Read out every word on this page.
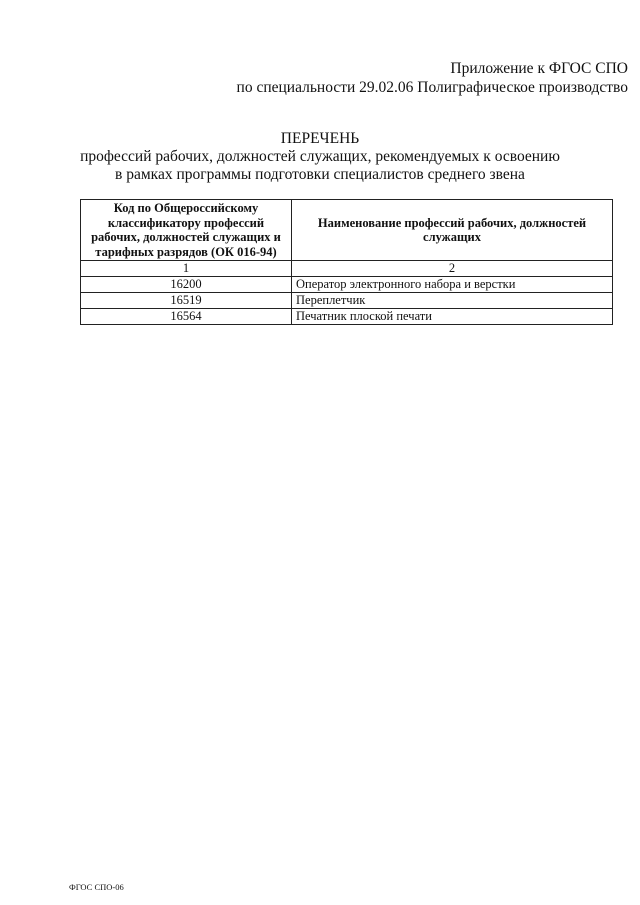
Приложение к ФГОС СПО
по специальности 29.02.06 Полиграфическое производство
ПЕРЕЧЕНЬ
профессий рабочих, должностей служащих, рекомендуемых к освоению
в рамках программы подготовки специалистов среднего звена
Код по Общероссийскому классификатору профессий рабочих, должностей служащих и тарифных разрядов (ОК 016-94)	Наименование профессий рабочих, должностей служащих
1	2
16200	Оператор электронного набора и верстки
16519	Переплетчик
16564	Печатник плоской печати
ФГОС СПО-06
